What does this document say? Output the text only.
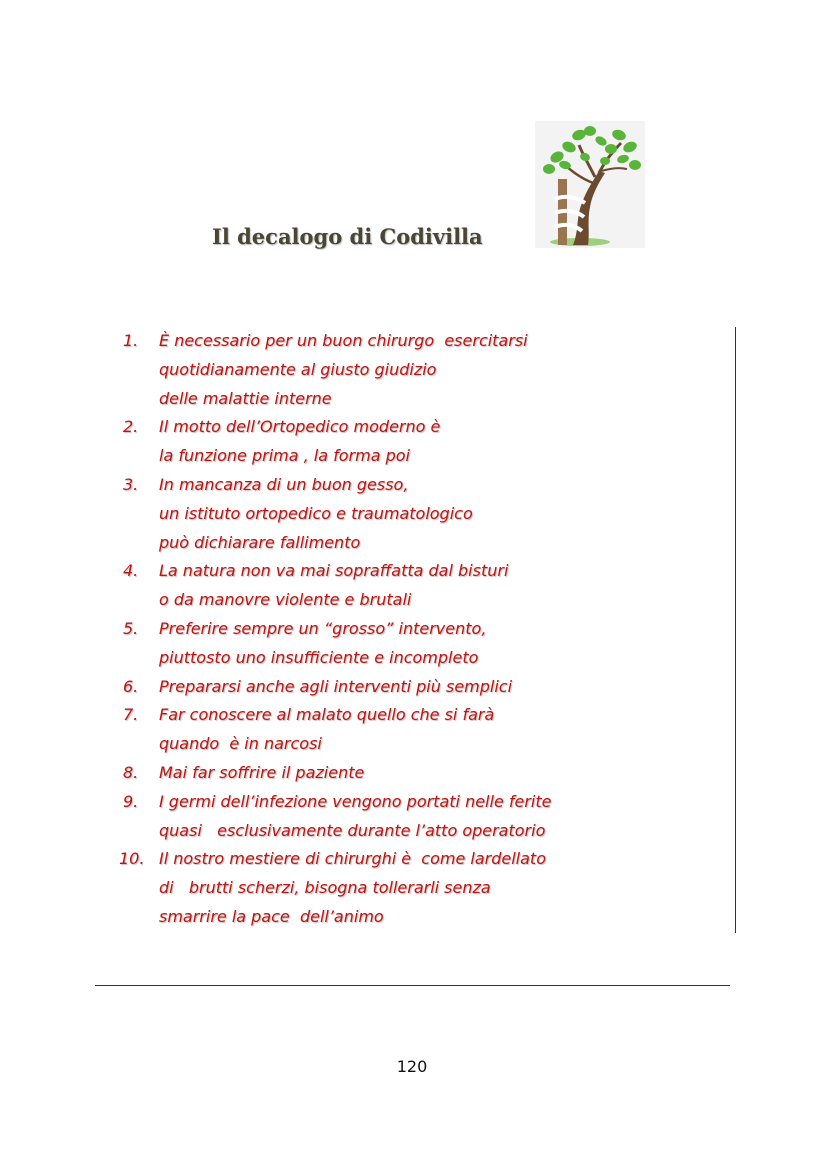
Il decalogo di Codivilla
1. È necessario per un buon chirurgo  esercitarsi
quotidianamente al giusto giudizio
delle malattie interne
2. Il motto dell’Ortopedico moderno è
la funzione prima , la forma poi
3. In mancanza di un buon gesso,
un istituto ortopedico e traumatologico
può dichiarare fallimento
4. La natura non va mai sopraffatta dal bisturi
o da manovre violente e brutali
5. Preferire sempre un “grosso” intervento,
piuttosto uno insufficiente e incompleto
6. Prepararsi anche agli interventi più semplici
7. Far conoscere al malato quello che si farà
quando  è in narcosi
8. Mai far soffrire il paziente
9. I germi dell’infezione vengono portati nelle ferite
quasi   esclusivamente durante l’atto operatorio
10. Il nostro mestiere di chirurghi è  come lardellato
di   brutti scherzi, bisogna tollerarli senza
smarrire la pace  dell’animo
120
